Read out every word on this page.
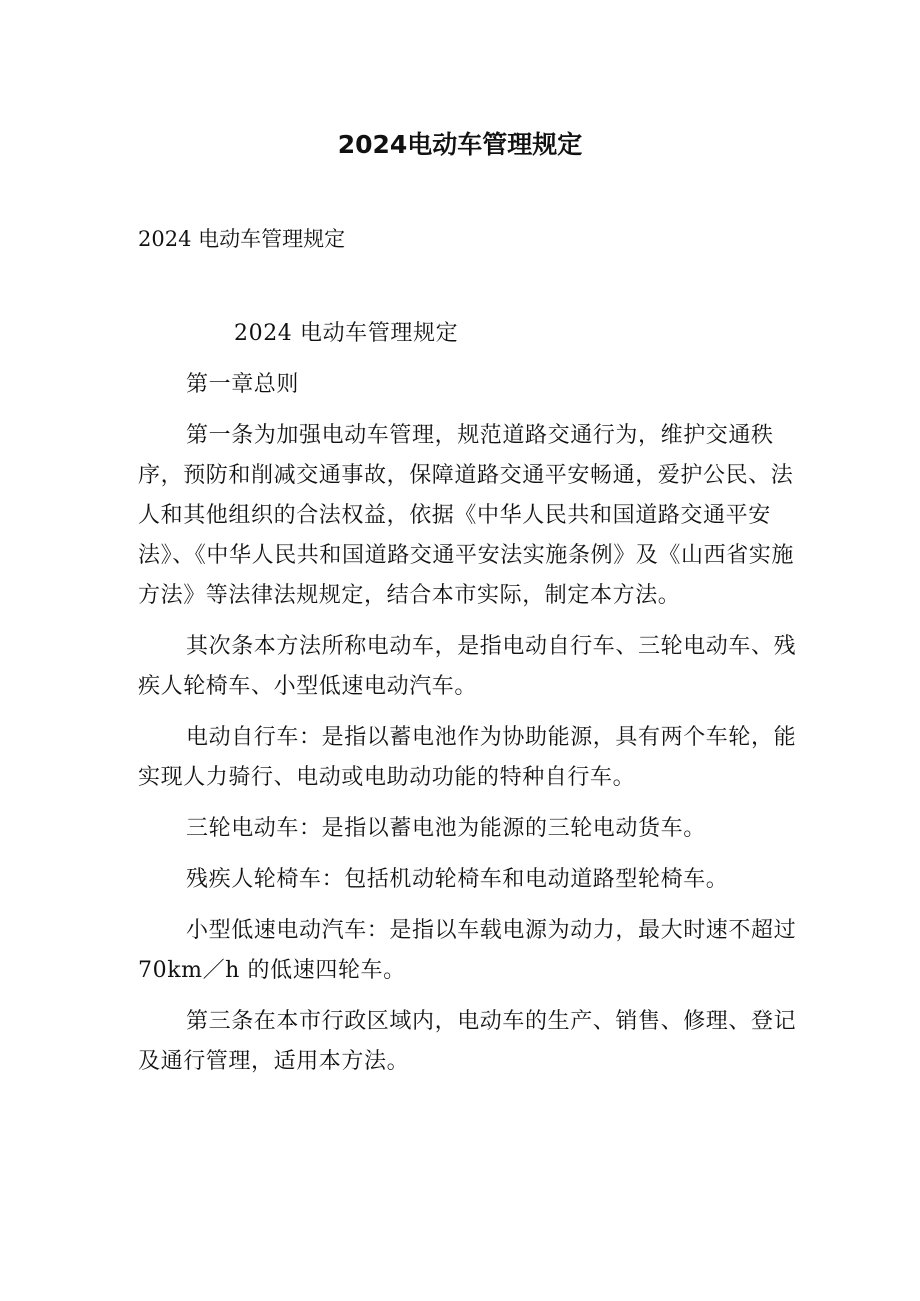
2024电动车管理规定
2024 电动车管理规定

2024 电动车管理规定

第一章总则

第一条为加强电动车管理，规范道路交通行为，维护交通秩序，预防和削减交通事故，保障道路交通平安畅通，爱护公民、法人和其他组织的合法权益，依据《中华人民共和国道路交通平安法》、《中华人民共和国道路交通平安法实施条例》及《山西省实施方法》等法律法规规定，结合本市实际，制定本方法。

其次条本方法所称电动车，是指电动自行车、三轮电动车、残疾人轮椅车、小型低速电动汽车。

电动自行车：是指以蓄电池作为协助能源，具有两个车轮，能实现人力骑行、电动或电助动功能的特种自行车。

三轮电动车：是指以蓄电池为能源的三轮电动货车。

残疾人轮椅车：包括机动轮椅车和电动道路型轮椅车。

小型低速电动汽车：是指以车载电源为动力，最大时速不超过 70km／h 的低速四轮车。

第三条在本市行政区域内，电动车的生产、销售、修理、登记及通行管理，适用本方法。
